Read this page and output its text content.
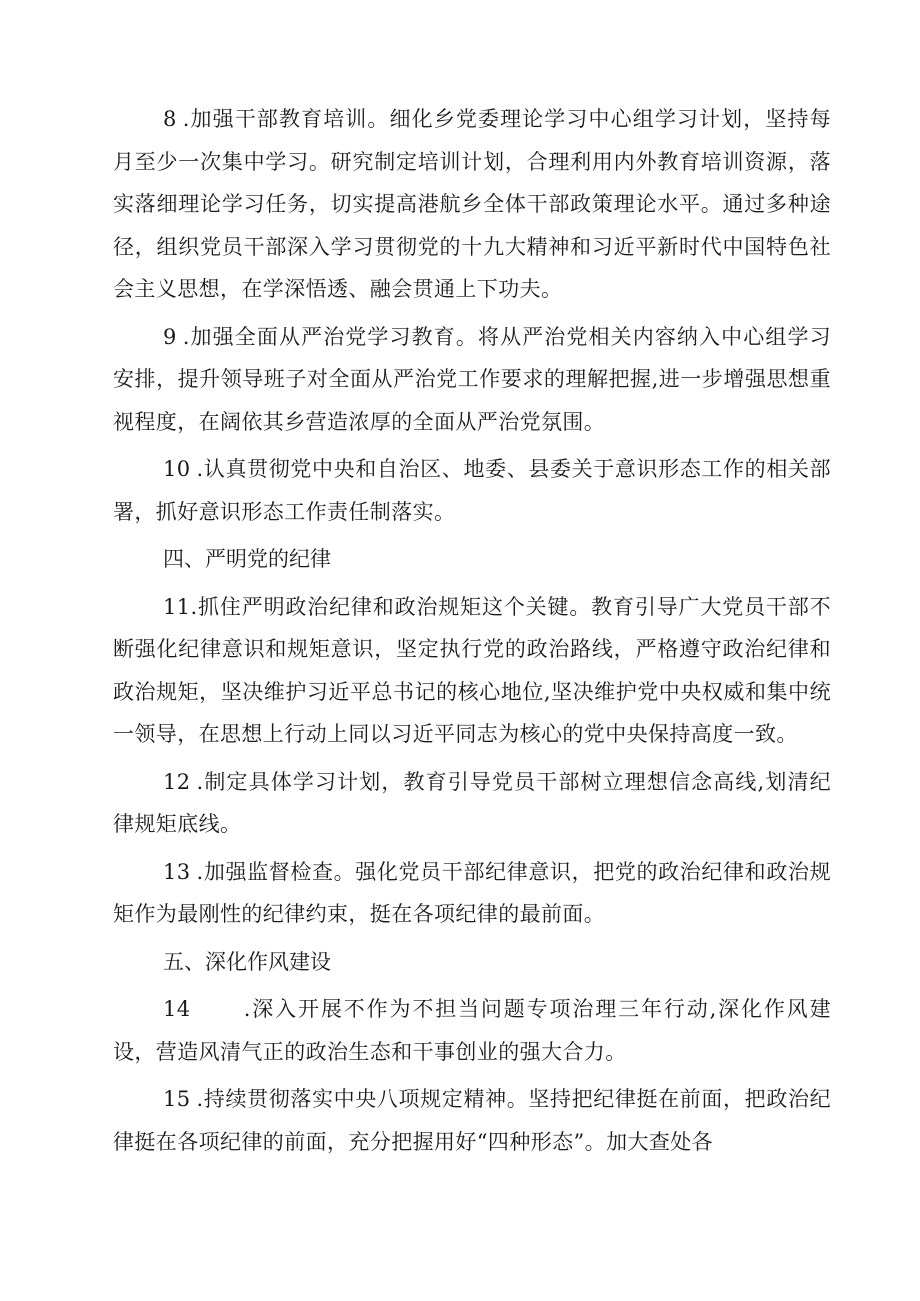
8 .加强干部教育培训。细化乡党委理论学习中心组学习计划，坚持每月至少一次集中学习。研究制定培训计划，合理利用内外教育培训资源，落实落细理论学习任务，切实提高港航乡全体干部政策理论水平。通过多种途径，组织党员干部深入学习贯彻党的十九大精神和习近平新时代中国特色社会主义思想，在学深悟透、融会贯通上下功夫。

9 .加强全面从严治党学习教育。将从严治党相关内容纳入中心组学习安排，提升领导班子对全面从严治党工作要求的理解把握,进一步增强思想重视程度，在阔依其乡营造浓厚的全面从严治党氛围。

10 .认真贯彻党中央和自治区、地委、县委关于意识形态工作的相关部署，抓好意识形态工作责任制落实。

四、严明党的纪律

11.抓住严明政治纪律和政治规矩这个关键。教育引导广大党员干部不断强化纪律意识和规矩意识，坚定执行党的政治路线，严格遵守政治纪律和政治规矩，坚决维护习近平总书记的核心地位,坚决维护党中央权威和集中统一领导，在思想上行动上同以习近平同志为核心的党中央保持高度一致。

12 .制定具体学习计划，教育引导党员干部树立理想信念高线,划清纪律规矩底线。

13 .加强监督检查。强化党员干部纪律意识，把党的政治纪律和政治规矩作为最刚性的纪律约束，挺在各项纪律的最前面。

五、深化作风建设

14　　.深入开展不作为不担当问题专项治理三年行动,深化作风建设，营造风清气正的政治生态和干事创业的强大合力。

15 .持续贯彻落实中央八项规定精神。坚持把纪律挺在前面，把政治纪律挺在各项纪律的前面，充分把握用好“四种形态”。加大查处各
